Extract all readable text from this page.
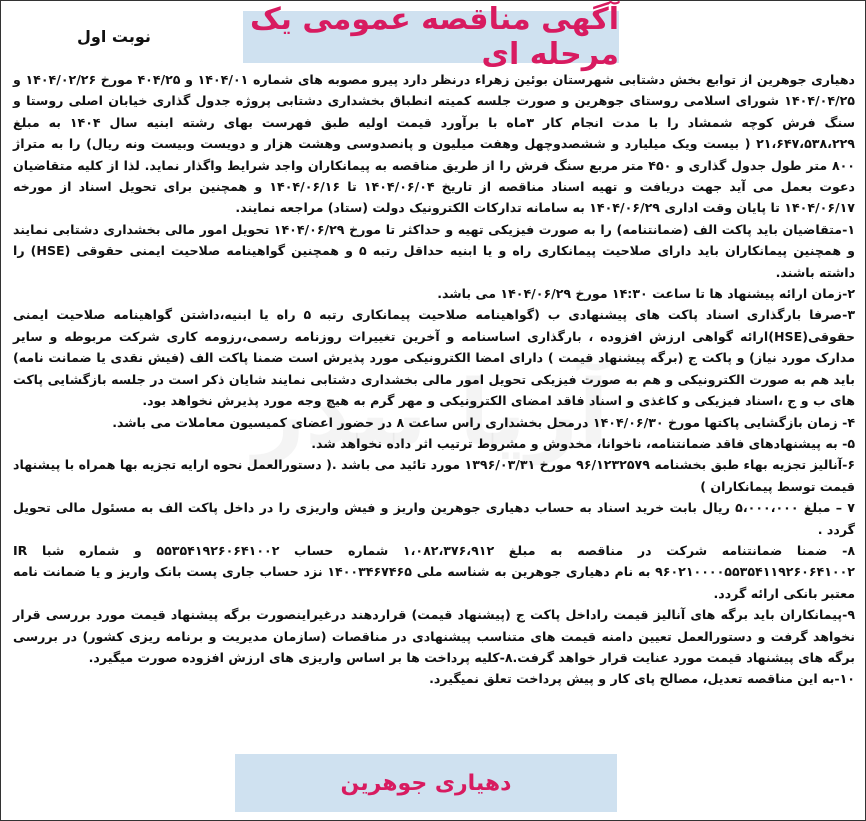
آگهی مناقصه عمومی یک مرحله ای
نوبت اول

دهیاری جوهرین از توابع بخش دشتابی شهرستان بوئین زهراء درنظر دارد پیرو مصوبه های شماره ۱۴۰۴/۰۱ و ۴۰۴/۲۵ مورخ ۱۴۰۴/۰۲/۲۶ و ۱۴۰۴/۰۴/۲۵ شورای اسلامی روستای جوهرین و صورت جلسه کمیته انطباق بخشداری دشتابی پروژه جدول گذاری خیابان اصلی روستا و سنگ فرش کوچه شمشاد را با مدت انجام کار ۳ماه با برآورد قیمت اولیه طبق فهرست بهای رشته ابنیه سال ۱۴۰۴ به مبلغ ۲۱،۶۴۷،۵۳۸،۲۲۹ ( بیست ویک میلیارد و ششصدوچهل وهفت میلیون و پانصدوسی وهشت هزار و دویست وبیست ونه ریال) را به متراژ ۸۰۰ متر طول جدول گذاری و ۴۵۰ متر مربع سنگ فرش را از طریق مناقصه به پیمانکاران واجد شرایط واگذار نماید. لذا از کلیه متقاضیان دعوت بعمل می آید جهت دریافت و تهیه اسناد مناقصه از تاریخ ۱۴۰۴/۰۶/۰۴ تا ۱۴۰۴/۰۶/۱۶ و همچنین برای تحویل اسناد از مورخه ۱۴۰۴/۰۶/۱۷ تا پایان وقت اداری ۱۴۰۴/۰۶/۲۹ به سامانه تدارکات الکترونیک دولت (ستاد) مراجعه نمایند.

۱-متقاضیان باید پاکت الف (ضمانتنامه) را به صورت فیزیکی تهیه و حداکثر تا مورخ ۱۴۰۴/۰۶/۲۹ تحویل امور مالی بخشداری دشتابی نمایند و همچنین پیمانکاران باید دارای صلاحیت پیمانکاری راه و یا ابنیه حداقل رتبه ۵ و همچنین گواهینامه صلاحیت ایمنی حقوقی (HSE) را داشته باشند.

۲-زمان ارائه پیشنهاد ها تا ساعت ۱۴:۳۰ مورخ ۱۴۰۴/۰۶/۲۹ می باشد.

۳-صرفا بارگذاری اسناد پاکت های پیشنهادی ب (گواهینامه صلاحیت پیمانکاری رتبه ۵ راه یا ابنیه،داشتن گواهینامه صلاحیت ایمنی حقوقی(HSE)ارائه گواهی ارزش افزوده ، بارگذاری اساسنامه و آخرین تغییرات روزنامه رسمی،رزومه کاری شرکت مربوطه و سایر مدارک مورد نیاز) و پاکت ج (برگه پیشنهاد قیمت ) دارای امضا الکترونیکی مورد پذیرش است ضمنا پاکت الف (فیش نقدی یا ضمانت نامه) باید هم به صورت الکترونیکی و هم به صورت فیزیکی تحویل امور مالی بخشداری دشتابی نمایند شایان ذکر است در جلسه بازگشایی پاکت های ب و ج ،اسناد فیزیکی و کاغذی و اسناد فاقد امضای الکترونیکی و مهر گرم به هیچ وجه مورد پذیرش نخواهد بود.

۴- زمان بازگشایی پاکتها مورخ ۱۴۰۴/۰۶/۳۰ درمحل بخشداری راس ساعت ۸ در حضور اعضای کمیسیون معاملات می باشد.

۵- به پیشنهادهای فاقد ضمانتنامه، ناخوانا، مخدوش و مشروط ترتیب اثر داده نخواهد شد.

۶-آنالیز تجزیه بهاء طبق بخشنامه ۹۶/۱۲۳۲۵۷۹ مورخ ۱۳۹۶/۰۳/۳۱ مورد تائید می باشد .( دستورالعمل نحوه ارایه تجزیه بها همراه با پیشنهاد قیمت توسط پیمانکاران )

۷ – مبلغ ۵،۰۰۰،۰۰۰ ریال بابت خرید اسناد به حساب دهیاری جوهرین واریز و فیش واریزی را در داخل پاکت الف به مسئول مالی تحویل گردد .

۸- ضمنا ضمانتنامه شرکت در مناقصه به مبلغ ۱،۰۸۲،۳۷۶،۹۱۲ شماره حساب ۵۵۳۵۴۱۹۲۶۰۶۴۱۰۰۲ و شماره شبا IR ۹۶۰۲۱۰۰۰۰۵۵۳۵۴۱۱۹۲۶۰۶۴۱۰۰۲ به نام دهیاری جوهرین به شناسه ملی ۱۴۰۰۳۴۶۷۴۶۵ نزد حساب جاری پست بانک واریز و یا ضمانت نامه معتبر بانکی ارائه گردد.

۹-پیمانکاران باید برگه های آنالیز قیمت راداخل پاکت ج (پیشنهاد قیمت) قراردهند درغیراینصورت برگه پیشنهاد قیمت مورد بررسی قرار نخواهد گرفت و دستورالعمل تعیین دامنه قیمت های متناسب پیشنهادی در مناقصات (سازمان مدیریت و برنامه ریزی کشور) در بررسی برگه های پیشنهاد قیمت مورد عنایت قرار خواهد گرفت.۸-کلیه پرداخت ها بر اساس واریزی های ارزش افزوده صورت میگیرد.

۱۰-به این مناقصه تعدیل، مصالح پای کار و پیش پرداخت تعلق نمیگیرد.

دهیاری جوهرین
